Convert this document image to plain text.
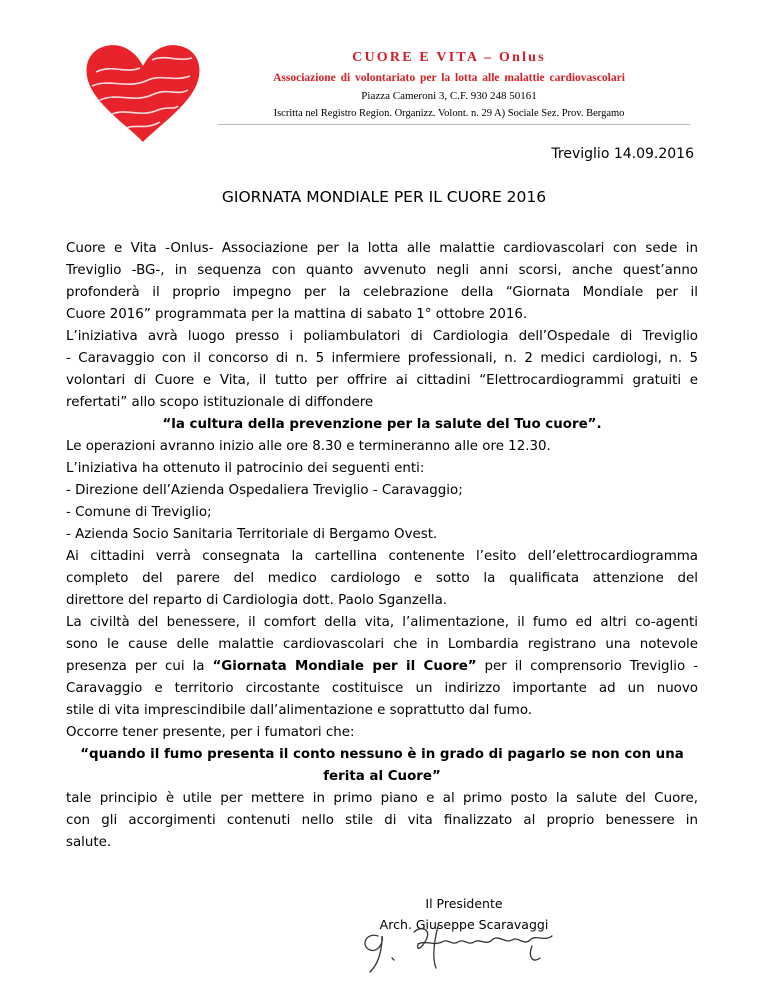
CUORE E VITA – Onlus
Associazione di volontariato per la lotta alle malattie cardiovascolari
Piazza Cameroni 3, C.F. 930 248 50161
Iscritta nel Registro Region. Organizz. Volont. n. 29 A) Sociale Sez. Prov. Bergamo
Treviglio 14.09.2016
GIORNATA MONDIALE PER IL CUORE 2016

Cuore e Vita -Onlus- Associazione per la lotta alle malattie cardiovascolari con sede in

Treviglio -BG-, in sequenza con quanto avvenuto negli anni scorsi, anche quest’anno

profonderà il proprio impegno per la celebrazione della “Giornata Mondiale per il

Cuore 2016” programmata per la mattina di sabato 1° ottobre 2016.

L’iniziativa avrà luogo presso i poliambulatori di Cardiologia dell’Ospedale di Treviglio

- Caravaggio con il concorso di n. 5 infermiere professionali, n. 2 medici cardiologi, n. 5

volontari di Cuore e Vita, il tutto per offrire ai cittadini “Elettrocardiogrammi gratuiti e

refertati” allo scopo istituzionale di diffondere

“la cultura della prevenzione per la salute del Tuo cuore”.

Le operazioni avranno inizio alle ore 8.30 e termineranno alle ore 12.30.

L’iniziativa ha ottenuto il patrocinio dei seguenti enti:

- Direzione dell’Azienda Ospedaliera Treviglio - Caravaggio;

- Comune di Treviglio;

- Azienda Socio Sanitaria Territoriale di Bergamo Ovest.

Ai cittadini verrà consegnata la cartellina contenente l’esito dell’elettrocardiogramma

completo del parere del medico cardiologo e sotto la qualificata attenzione del

direttore del reparto di Cardiologia dott. Paolo Sganzella.

La civiltà del benessere, il comfort della vita, l’alimentazione, il fumo ed altri co-agenti

sono le cause delle malattie cardiovascolari che in Lombardia registrano una notevole

presenza per cui la “Giornata Mondiale per il Cuore” per il comprensorio Treviglio -

Caravaggio e territorio circostante costituisce un indirizzo importante ad un nuovo

stile di vita imprescindibile dall’alimentazione e soprattutto dal fumo.

Occorre tener presente, per i fumatori che:

“quando il fumo presenta il conto nessuno è in grado di pagarlo se non con una

ferita al Cuore”

tale principio è utile per mettere in primo piano e al primo posto la salute del Cuore,

con gli accorgimenti contenuti nello stile di vita finalizzato al proprio benessere in

salute.

Il Presidente
Arch. Giuseppe Scaravaggi
